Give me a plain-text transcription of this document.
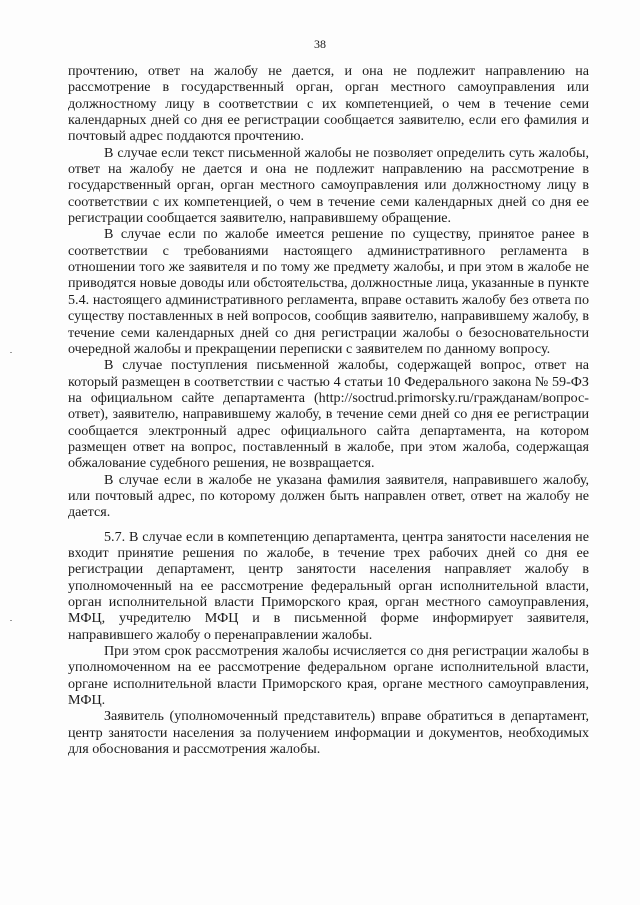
38

прочтению, ответ на жалобу не дается, и она не подлежит направлению на рассмотрение в государственный орган, орган местного самоуправления или должностному лицу в соответствии с их компетенцией, о чем в течение семи календарных дней со дня ее регистрации сообщается заявителю, если его фамилия и почтовый адрес поддаются прочтению.

В случае если текст письменной жалобы не позволяет определить суть жалобы, ответ на жалобу не дается и она не подлежит направлению на рассмотрение в государственный орган, орган местного самоуправления или должностному лицу в соответствии с их компетенцией, о чем в течение семи календарных дней со дня ее регистрации сообщается заявителю, направившему обращение.

В случае если по жалобе имеется решение по существу, принятое ранее в соответствии с требованиями настоящего административного регламента в отношении того же заявителя и по тому же предмету жалобы, и при этом в жалобе не приводятся новые доводы или обстоятельства, должностные лица, указанные в пункте 5.4. настоящего административного регламента, вправе оставить жалобу без ответа по существу поставленных в ней вопросов, сообщив заявителю, направившему жалобу, в течение семи календарных дней со дня регистрации жалобы о безосновательности очередной жалобы и прекращении переписки с заявителем по данному вопросу.

В случае поступления письменной жалобы, содержащей вопрос, ответ на который размещен в соответствии с частью 4 статьи 10 Федерального закона № 59-ФЗ на официальном сайте департамента (http://soctrud.primorsky.ru/гражданам/вопрос-ответ), заявителю, направившему жалобу, в течение семи дней со дня ее регистрации сообщается электронный адрес официального сайта департамента, на котором размещен ответ на вопрос, поставленный в жалобе, при этом жалоба, содержащая обжалование судебного решения, не возвращается.

В случае если в жалобе не указана фамилия заявителя, направившего жалобу, или почтовый адрес, по которому должен быть направлен ответ, ответ на жалобу не дается.

5.7. В случае если в компетенцию департамента, центра занятости населения не входит принятие решения по жалобе, в течение трех рабочих дней со дня ее регистрации департамент, центр занятости населения направляет жалобу в уполномоченный на ее рассмотрение федеральный орган исполнительной власти, орган исполнительной власти Приморского края, орган местного самоуправления, МФЦ, учредителю МФЦ и в письменной форме информирует заявителя, направившего жалобу о перенаправлении жалобы.

При этом срок рассмотрения жалобы исчисляется со дня регистрации жалобы в уполномоченном на ее рассмотрение федеральном органе исполнительной власти, органе исполнительной власти Приморского края, органе местного самоуправления, МФЦ.

Заявитель (уполномоченный представитель) вправе обратиться в департамент, центр занятости населения за получением информации и документов, необходимых для обоснования и рассмотрения жалобы.
